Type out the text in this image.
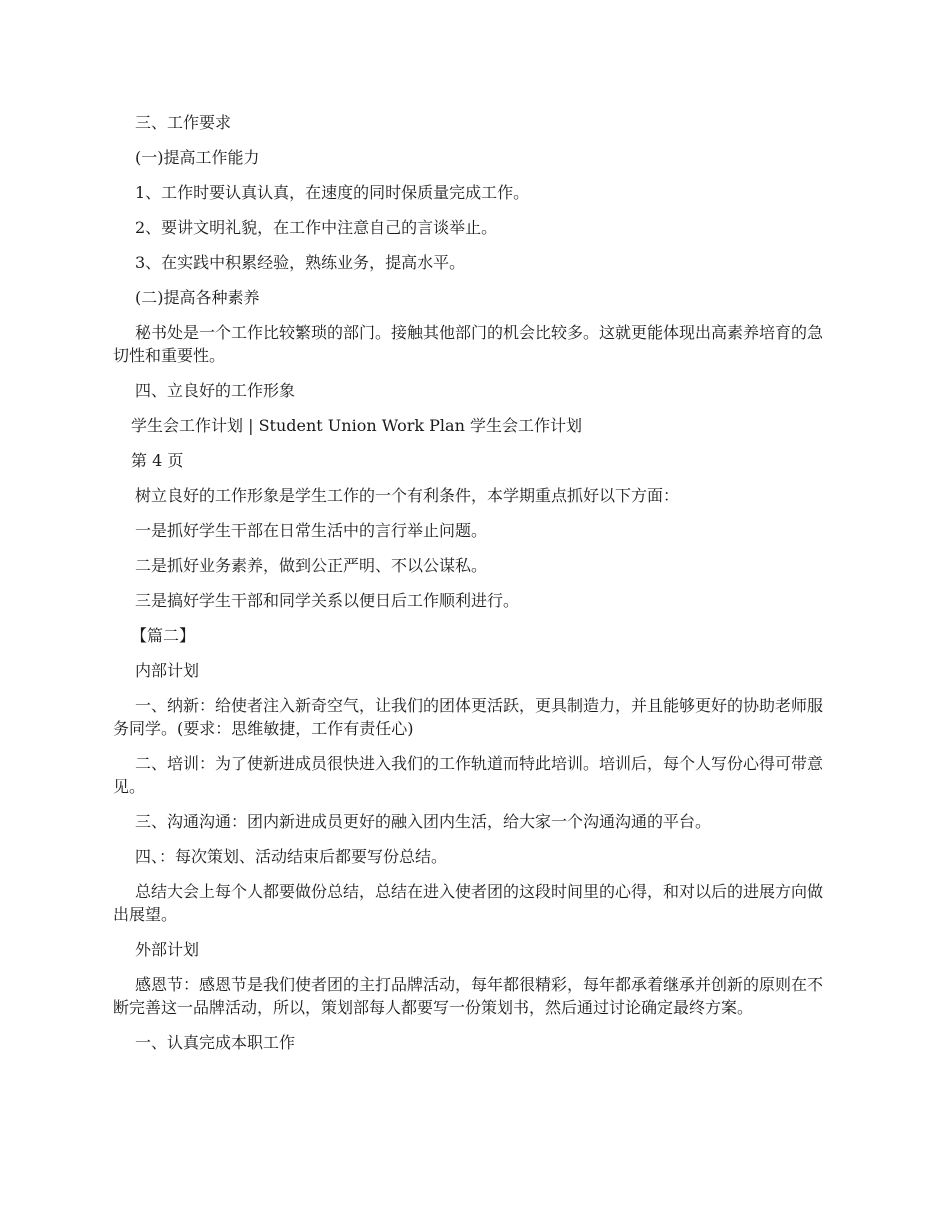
三、工作要求

(一)提高工作能力

1、工作时要认真认真，在速度的同时保质量完成工作。

2、要讲文明礼貌，在工作中注意自己的言谈举止。

3、在实践中积累经验，熟练业务，提高水平。

(二)提高各种素养

秘书处是一个工作比较繁琐的部门。接触其他部门的机会比较多。这就更能体现出高素养培育的急切性和重要性。

四、立良好的工作形象

学生会工作计划 | Student Union Work Plan 学生会工作计划

第 4 页

树立良好的工作形象是学生工作的一个有利条件，本学期重点抓好以下方面：

一是抓好学生干部在日常生活中的言行举止问题。

二是抓好业务素养，做到公正严明、不以公谋私。

三是搞好学生干部和同学关系以便日后工作顺利进行。

【篇二】

内部计划

一、纳新：给使者注入新奇空气，让我们的团体更活跃，更具制造力，并且能够更好的协助老师服务同学。(要求：思维敏捷，工作有责任心)

二、培训：为了使新进成员很快进入我们的工作轨道而特此培训。培训后，每个人写份心得可带意见。

三、沟通沟通：团内新进成员更好的融入团内生活，给大家一个沟通沟通的平台。

四、：每次策划、活动结束后都要写份总结。

总结大会上每个人都要做份总结，总结在进入使者团的这段时间里的心得，和对以后的进展方向做出展望。

外部计划

感恩节：感恩节是我们使者团的主打品牌活动，每年都很精彩，每年都承着继承并创新的原则在不断完善这一品牌活动，所以，策划部每人都要写一份策划书，然后通过讨论确定最终方案。

一、认真完成本职工作
